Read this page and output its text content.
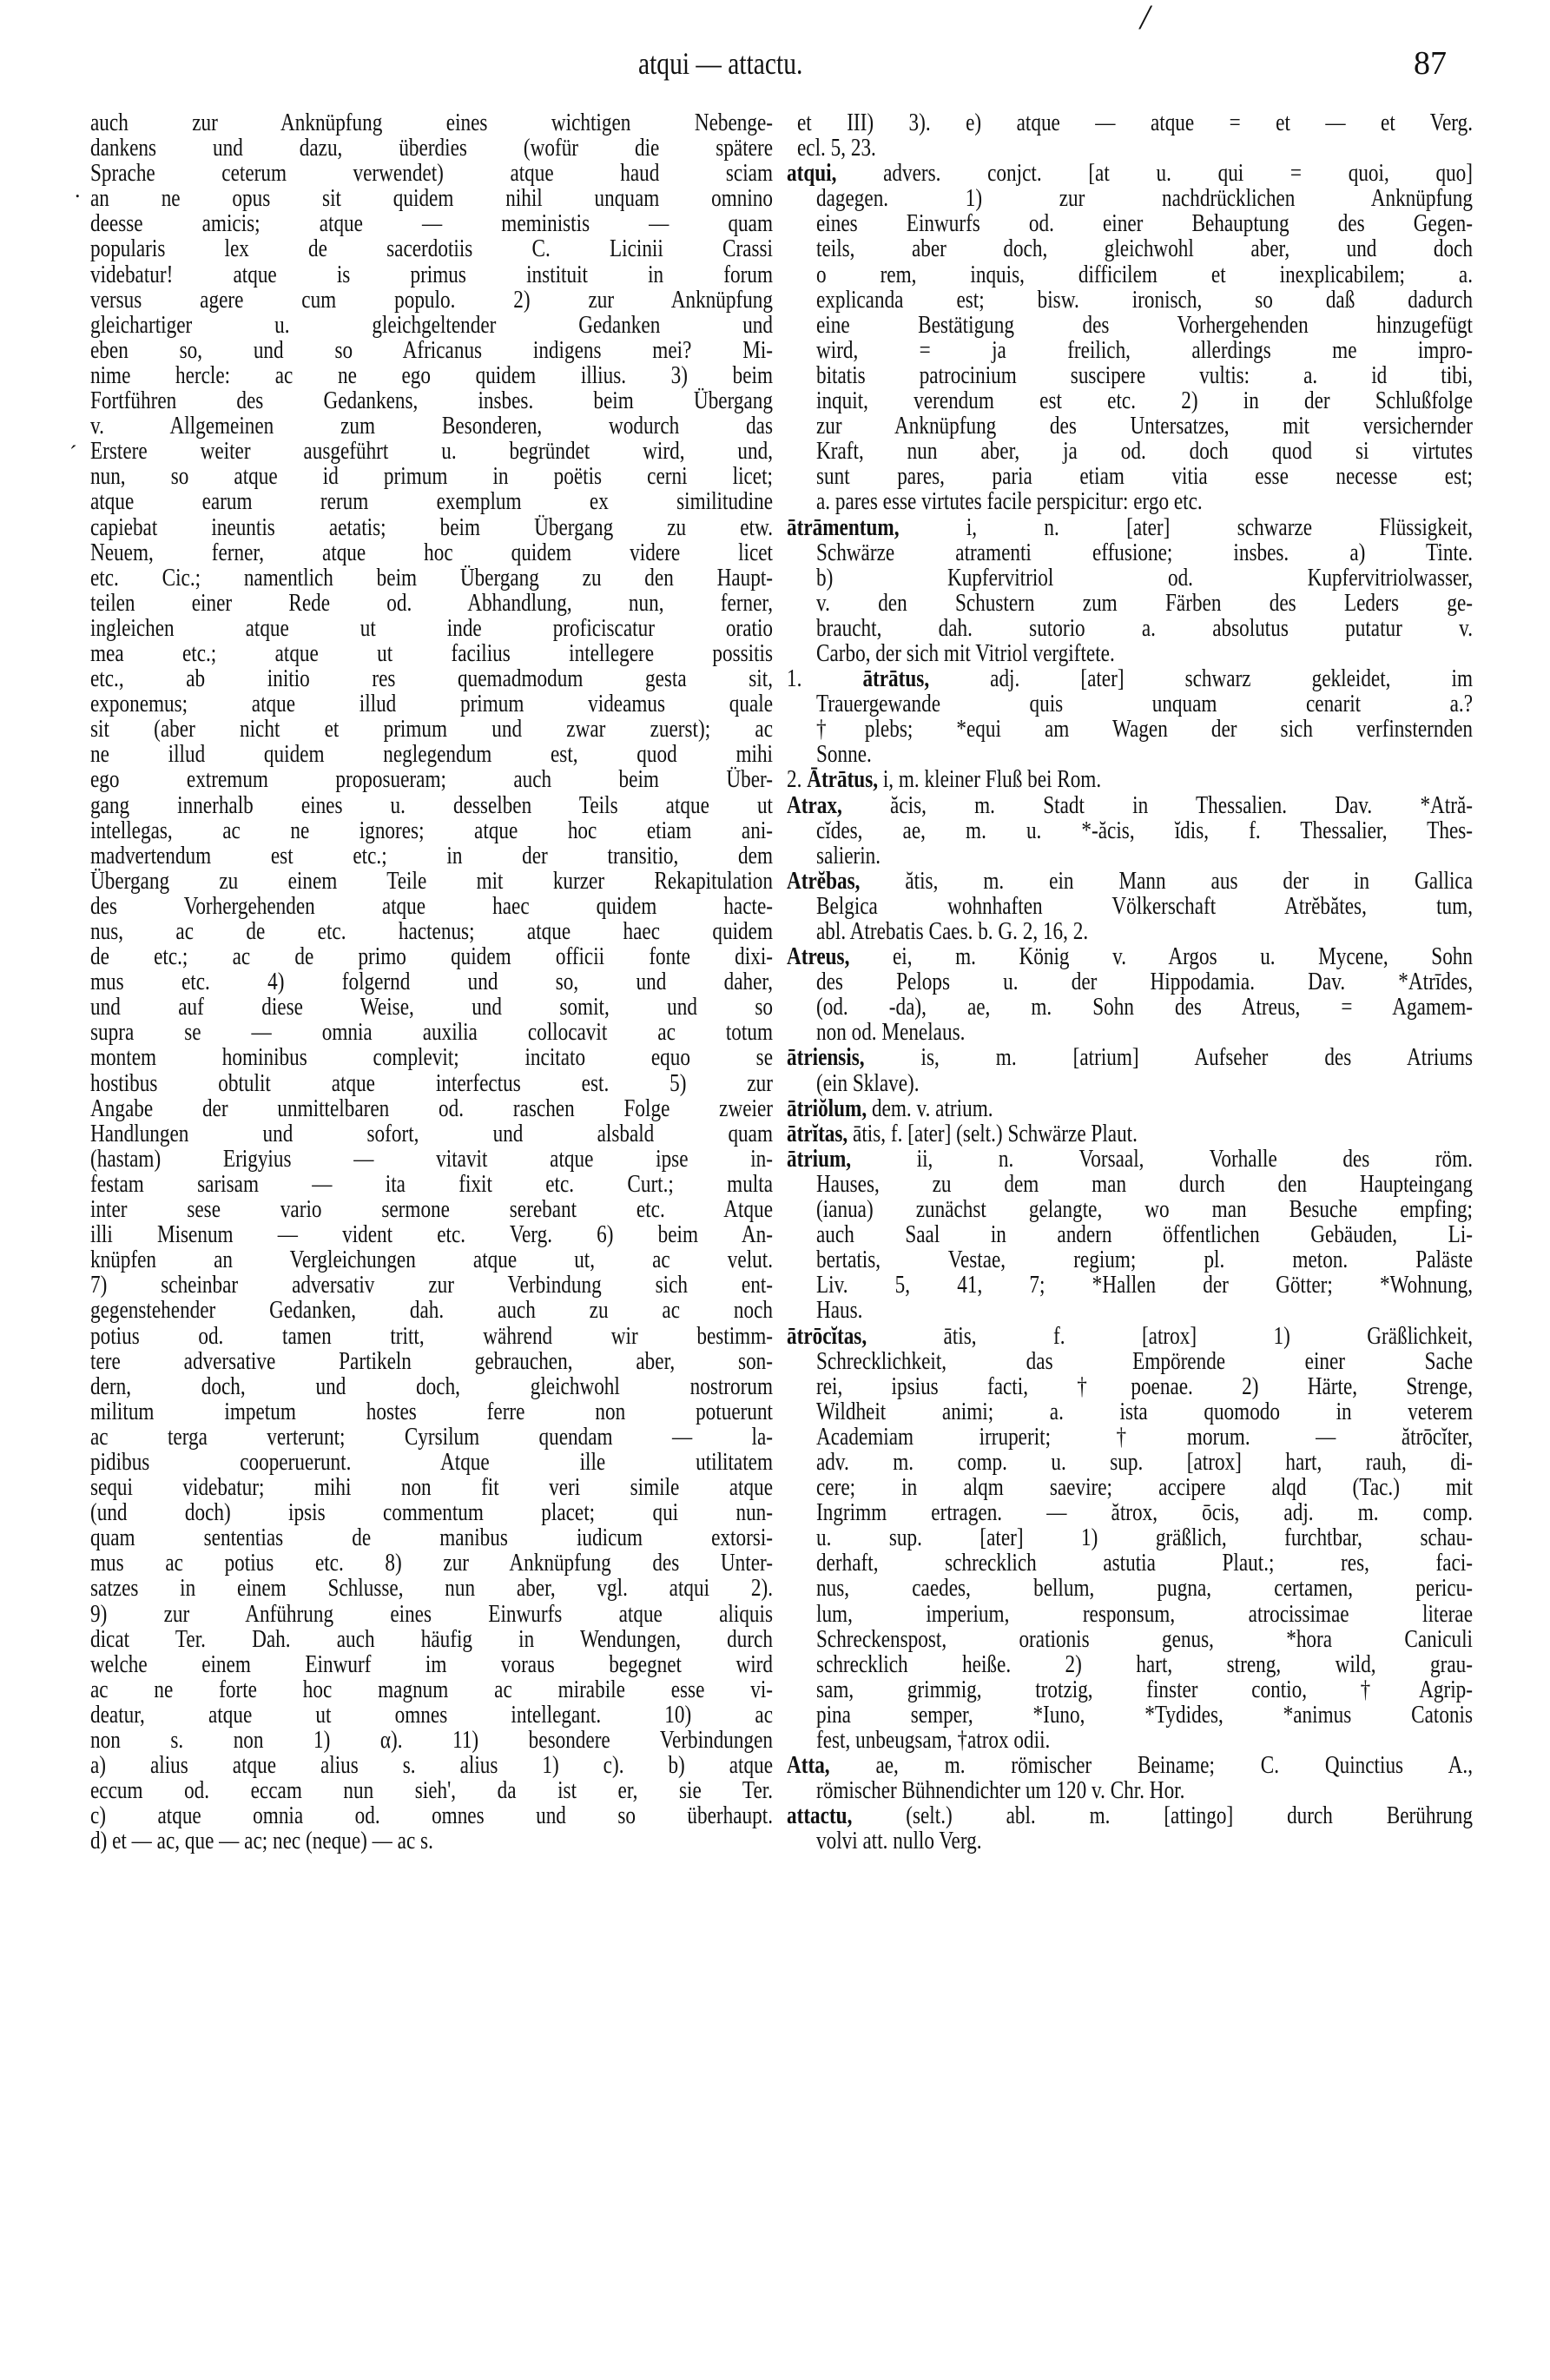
/
atqui — attactu.	87
.
´
auch zur Anknüpfung eines wichtigen Nebenge-
dankens und dazu, überdies (wofür die spätere
Sprache ceterum verwendet) atque haud sciam
an ne opus sit quidem nihil unquam omnino
deesse amicis; atque — meministis — quam
popularis lex de sacerdotiis C. Licinii Crassi
videbatur! atque is primus instituit in forum
versus agere cum populo. 2) zur Anknüpfung
gleichartiger u. gleichgeltender Gedanken und
eben so, und so Africanus indigens mei? Mi-
nime hercle: ac ne ego quidem illius. 3) beim
Fortführen des Gedankens, insbes. beim Übergang
v. Allgemeinen zum Besonderen, wodurch das
Erstere weiter ausgeführt u. begründet wird, und,
nun, so atque id primum in poëtis cerni licet;
atque earum rerum exemplum ex similitudine
capiebat ineuntis aetatis; beim Übergang zu etw.
Neuem, ferner, atque hoc quidem videre licet
etc. Cic.; namentlich beim Übergang zu den Haupt-
teilen einer Rede od. Abhandlung, nun, ferner,
ingleichen atque ut inde proficiscatur oratio
mea etc.; atque ut facilius intellegere possitis
etc., ab initio res quemadmodum gesta sit,
exponemus; atque illud primum videamus quale
sit (aber nicht et primum und zwar zuerst); ac
ne illud quidem neglegendum est, quod mihi
ego extremum proposueram; auch beim Über-
gang innerhalb eines u. desselben Teils atque ut
intellegas, ac ne ignores; atque hoc etiam ani-
madvertendum est etc.; in der transitio, dem
Übergang zu einem Teile mit kurzer Rekapitulation
des Vorhergehenden atque haec quidem hacte-
nus, ac de etc. hactenus; atque haec quidem
de etc.; ac de primo quidem officii fonte dixi-
mus etc. 4) folgernd und so, und daher,
und auf diese Weise, und somit, und so
supra se — omnia auxilia collocavit ac totum
montem hominibus complevit; incitato equo se
hostibus obtulit atque interfectus est. 5) zur
Angabe der unmittelbaren od. raschen Folge zweier
Handlungen und sofort, und alsbald quam
(hastam) Erigyius — vitavit atque ipse in-
festam sarisam — ita fixit etc. Curt.; multa
inter sese vario sermone serebant etc. Atque
illi Misenum — vident etc. Verg. 6) beim An-
knüpfen an Vergleichungen atque ut, ac velut.
7) scheinbar adversativ zur Verbindung sich ent-
gegenstehender Gedanken, dah. auch zu ac noch
potius od. tamen tritt, während wir bestimm-
tere adversative Partikeln gebrauchen, aber, son-
dern, doch, und doch, gleichwohl nostrorum
militum impetum hostes ferre non potuerunt
ac terga verterunt; Cyrsilum quendam — la-
pidibus cooperuerunt. Atque ille utilitatem
sequi videbatur; mihi non fit veri simile atque
(und doch) ipsis commentum placet; qui nun-
quam sententias de manibus iudicum extorsi-
mus ac potius etc. 8) zur Anknüpfung des Unter-
satzes in einem Schlusse, nun aber, vgl. atqui 2).
9) zur Anführung eines Einwurfs atque aliquis
dicat Ter. Dah. auch häufig in Wendungen, durch
welche einem Einwurf im voraus begegnet wird
ac ne forte hoc magnum ac mirabile esse vi-
deatur, atque ut omnes intellegant. 10) ac
non s. non 1) α). 11) besondere Verbindungen
a) alius atque alius s. alius 1) c). b) atque
eccum od. eccam nun sieh', da ist er, sie Ter.
c) atque omnia od. omnes und so überhaupt.
d) et — ac, que — ac; nec (neque) — ac s.
et III) 3). e) atque — atque = et — et Verg.
ecl. 5, 23.
atqui, advers. conjct. [at u. qui = quoi, quo]
dagegen. 1) zur nachdrücklichen Anknüpfung
eines Einwurfs od. einer Behauptung des Gegen-
teils, aber doch, gleichwohl aber, und doch
o rem, inquis, difficilem et inexplicabilem; a.
explicanda est; bisw. ironisch, so daß dadurch
eine Bestätigung des Vorhergehenden hinzugefügt
wird, = ja freilich, allerdings me impro-
bitatis patrocinium suscipere vultis: a. id tibi,
inquit, verendum est etc. 2) in der Schlußfolge
zur Anknüpfung des Untersatzes, mit versichernder
Kraft, nun aber, ja od. doch quod si virtutes
sunt pares, paria etiam vitia esse necesse est;
a. pares esse virtutes facile perspicitur: ergo etc.
ātrāmentum, i, n. [ater] schwarze Flüssigkeit,
Schwärze atramenti effusione; insbes. a) Tinte.
b) Kupfervitriol od. Kupfervitriolwasser,
v. den Schustern zum Färben des Leders ge-
braucht, dah. sutorio a. absolutus putatur v.
Carbo, der sich mit Vitriol vergiftete.
1. ātrātus, adj. [ater] schwarz gekleidet, im
Trauergewande quis unquam cenarit a.?
†plebs; *equi am Wagen der sich verfinsternden
Sonne.
2. Ātrātus, i, m. kleiner Fluß bei Rom.
Atrax, ăcis, m. Stadt in Thessalien. Dav. *Atră-
cĭdes, ae, m. u. *-ăcis, ĭdis, f. Thessalier, Thes-
salierin.
Atrĕbas, ătis, m. ein Mann aus der in Gallica
Belgica wohnhaften Völkerschaft Atrĕbătes, tum,
abl. Atrebatis Caes. b. G. 2, 16, 2.
Atreus, ei, m. König v. Argos u. Mycene, Sohn
des Pelops u. der Hippodamia. Dav. *Atrīdes,
(od. -da), ae, m. Sohn des Atreus, = Agamem-
non od. Menelaus.
ātriensis, is, m. [atrium] Aufseher des Atriums
(ein Sklave).
ātriŏlum, dem. v. atrium.
ātrĭtas, ātis, f. [ater] (selt.) Schwärze Plaut.
ātrium, ii, n. Vorsaal, Vorhalle des röm.
Hauses, zu dem man durch den Haupteingang
(ianua) zunächst gelangte, wo man Besuche empfing;
auch Saal in andern öffentlichen Gebäuden, Li-
bertatis, Vestae, regium; pl. meton. Paläste
Liv. 5, 41, 7; *Hallen der Götter; *Wohnung,
Haus.
ātrōcĭtas, ātis, f. [atrox] 1) Gräßlichkeit,
Schrecklichkeit, das Empörende einer Sache
rei, ipsius facti, †poenae. 2) Härte, Strenge,
Wildheit animi; a. ista quomodo in veterem
Academiam irruperit; †morum. — ătrōcĭter,
adv. m. comp. u. sup. [atrox] hart, rauh, di-
cere; in alqm saevire; accipere alqd (Tac.) mit
Ingrimm ertragen. — ătrox, ōcis, adj. m. comp.
u. sup. [ater] 1) gräßlich, furchtbar, schau-
derhaft, schrecklich astutia Plaut.; res, faci-
nus, caedes, bellum, pugna, certamen, pericu-
lum, imperium, responsum, atrocissimae literae
Schreckenspost, orationis genus, *hora Caniculi
schrecklich heiße. 2) hart, streng, wild, grau-
sam, grimmig, trotzig, finster contio, †Agrip-
pina semper, *Iuno, *Tydides, *animus Catonis
fest, unbeugsam, †atrox odii.
Atta, ae, m. römischer Beiname; C. Quinctius A.,
römischer Bühnendichter um 120 v. Chr. Hor.
attactu, (selt.) abl. m. [attingo] durch Berührung
volvi att. nullo Verg.
